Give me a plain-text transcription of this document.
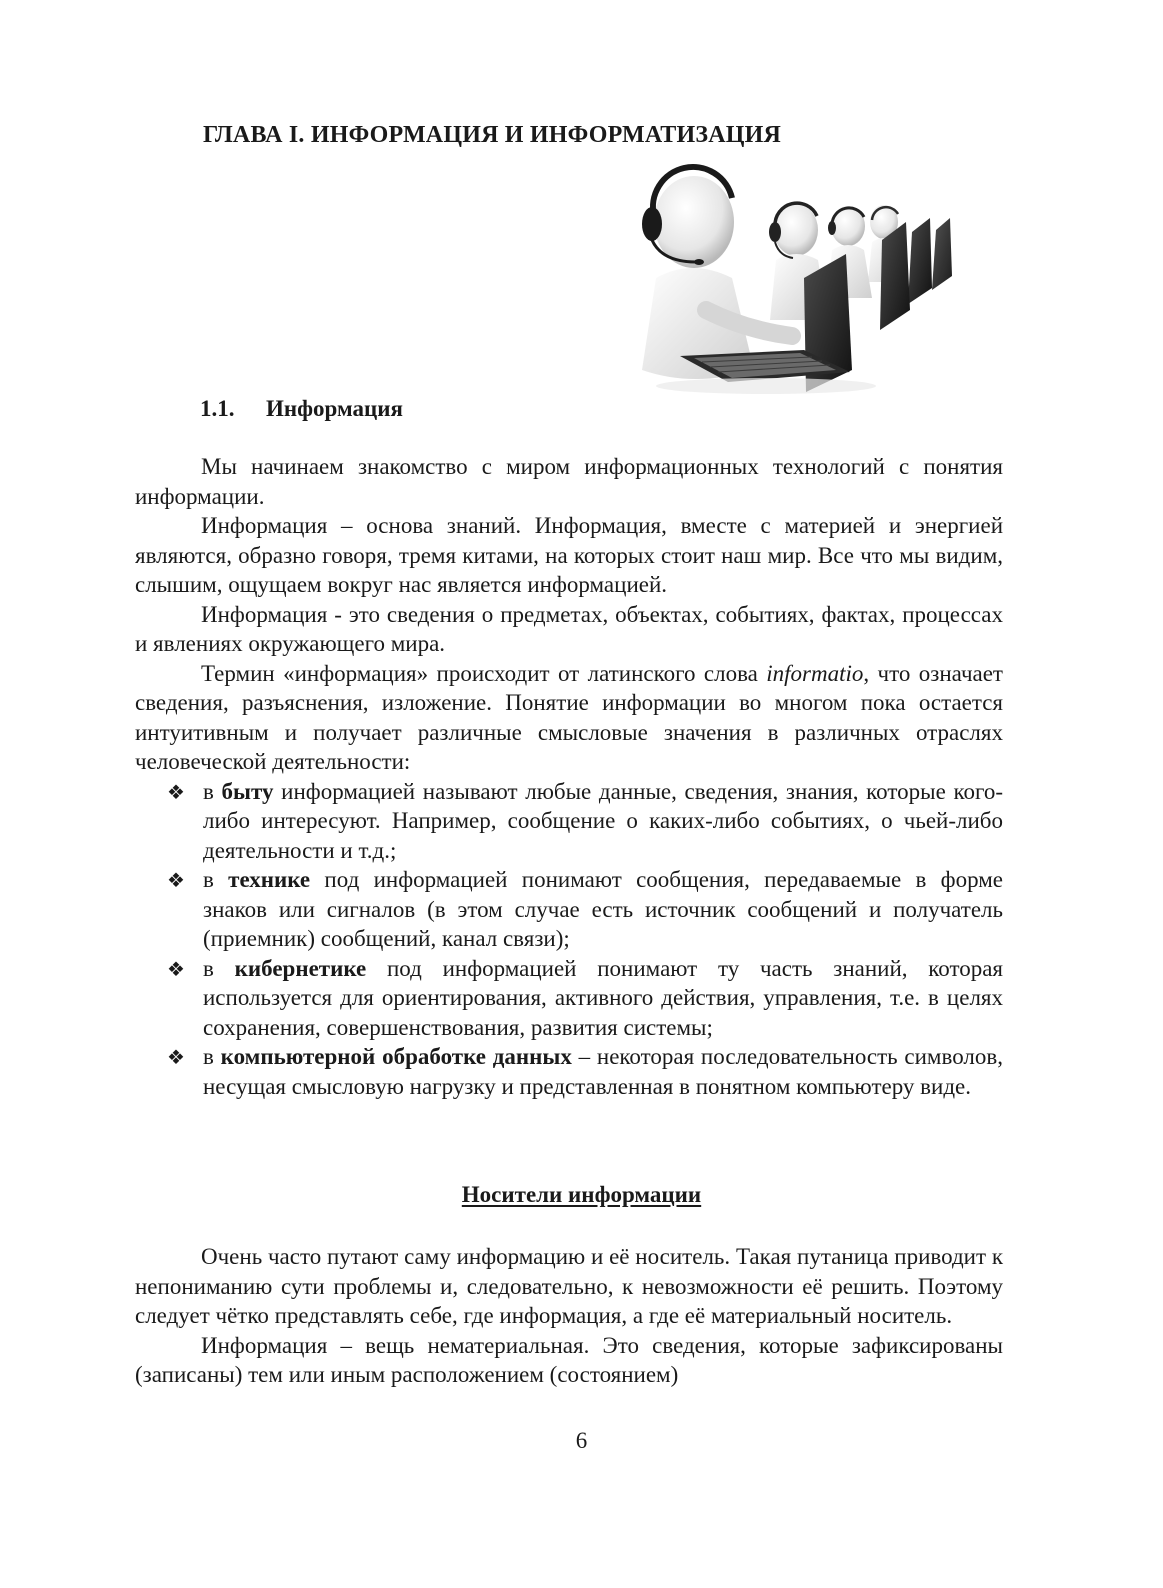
ГЛАВА I. ИНФОРМАЦИЯ И ИНФОРМАТИЗАЦИЯ
1.1. Информация

Мы начинаем знакомство с миром информационных технологий с понятия информации.

Информация – основа знаний. Информация, вместе с материей и энергией являются, образно говоря, тремя китами, на которых стоит наш мир. Все что мы видим, слышим, ощущаем вокруг нас является информацией.

Информация - это сведения о предметах, объектах, событиях, фактах, процессах и явлениях окружающего мира.

Термин «информация» происходит от латинского слова informatio, что означает сведения, разъяснения, изложение. Понятие информации во многом пока остается интуитивным и получает различные смысловые значения в различных отраслях человеческой деятельности:

❖ в быту информацией называют любые данные, сведения, знания, которые кого-либо интересуют. Например, сообщение о каких-либо событиях, о чьей-либо деятельности и т.д.;
❖ в технике под информацией понимают сообщения, передаваемые в форме знаков или сигналов (в этом случае есть источник сообщений и получатель (приемник) сообщений, канал связи);
❖ в кибернетике под информацией понимают ту часть знаний, которая используется для ориентирования, активного действия, управления, т.е. в целях сохранения, совершенствования, развития системы;
❖ в компьютерной обработке данных – некоторая последовательность символов, несущая смысловую нагрузку и представленная в понятном компьютеру виде.
Носители информации

Очень часто путают саму информацию и её носитель. Такая путаница приводит к непониманию сути проблемы и, следовательно, к невозможности её решить. Поэтому следует чётко представлять себе, где информация, а где её материальный носитель.

Информация – вещь нематериальная. Это сведения, которые зафиксированы (записаны) тем или иным расположением (состоянием)

6
